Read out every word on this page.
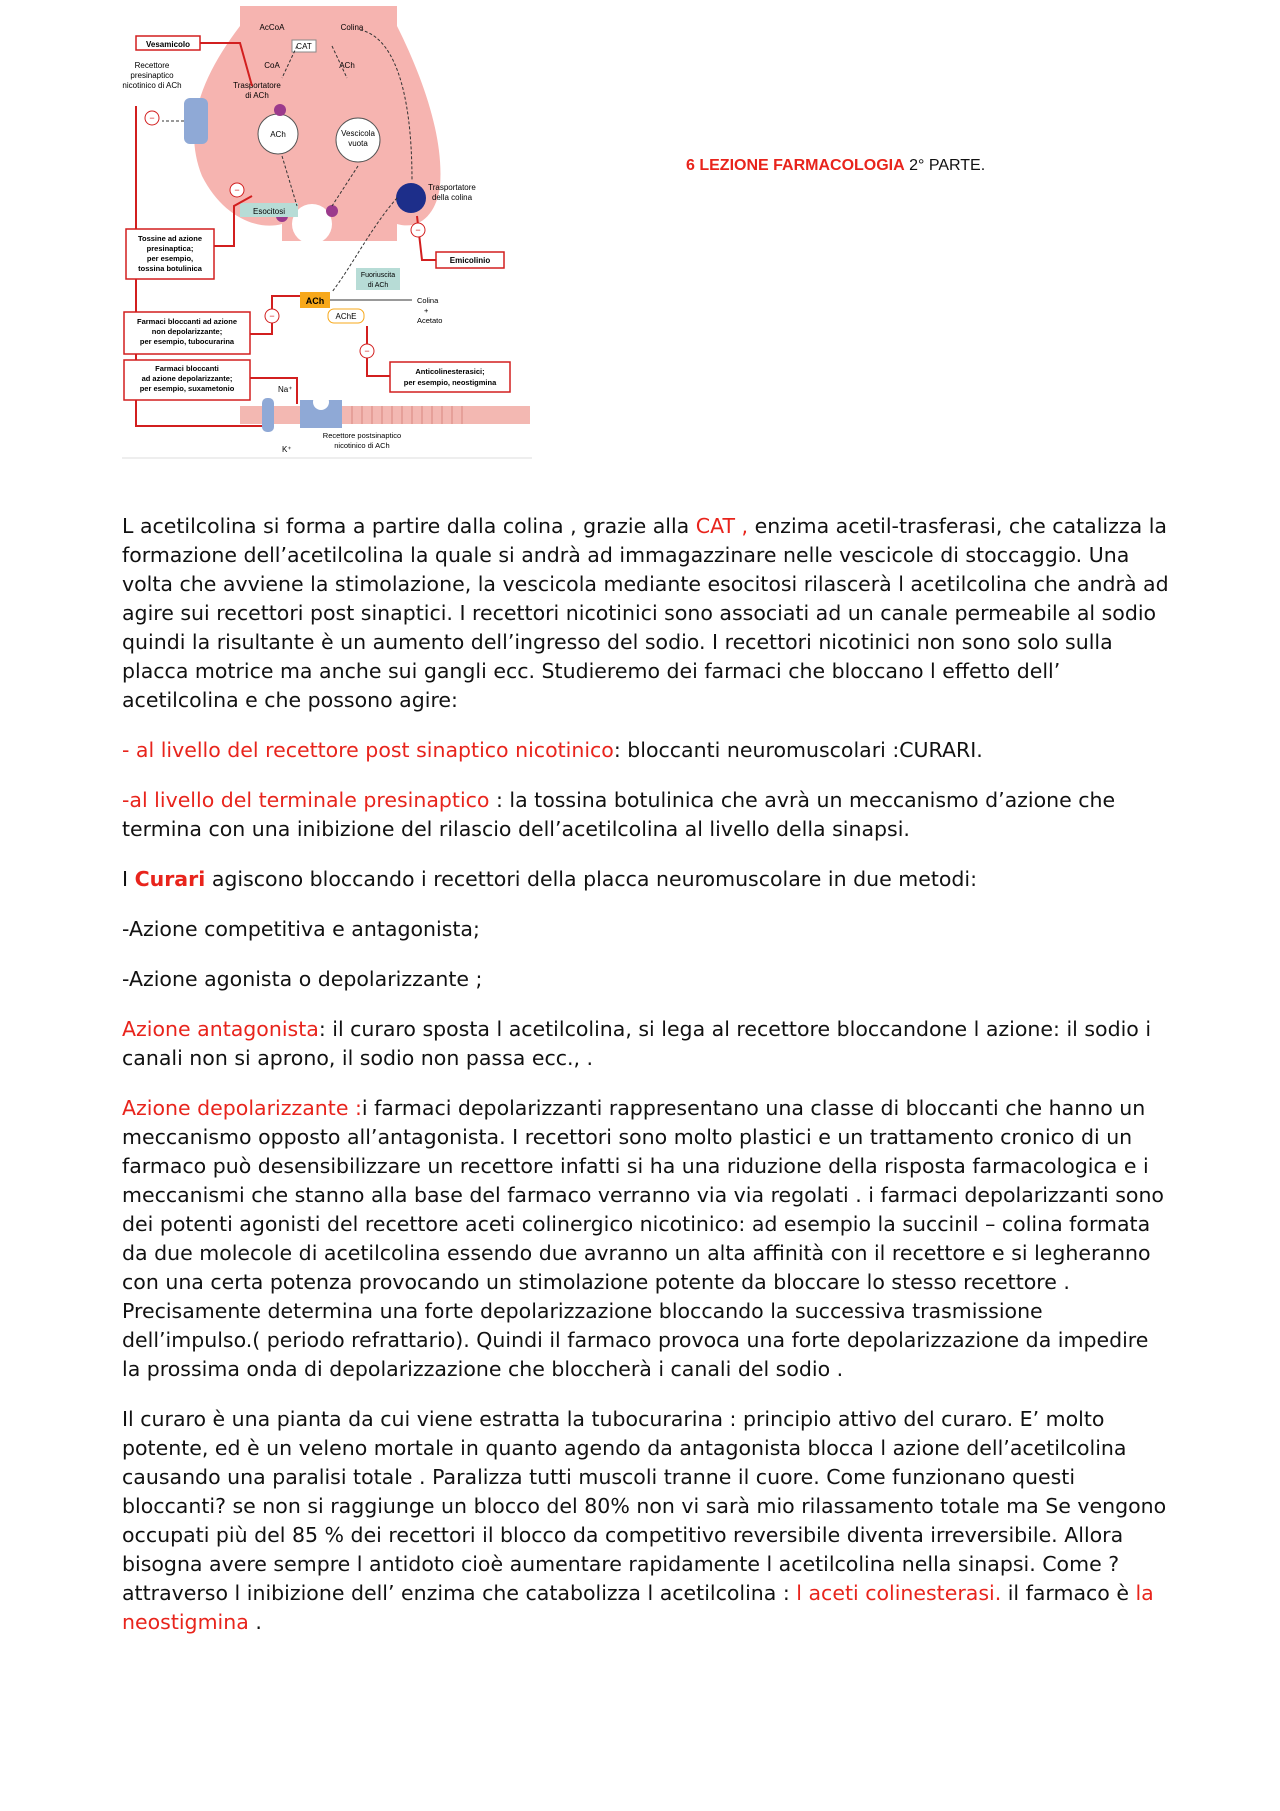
CAT
AcCoA	Colina
CoA	ACh
ACh	Vescicola
vuota
Trasportatore
di ACh
Trasportatore
della colina
Esocitosi
Recettore
presinaptico
nicotinico di ACh
Vesamicolo
−
Tossine ad azione
presinaptica;
per esempio,
tossina botulinica
−
Emicolinio
−
Fuoriuscita
di ACh
ACh
AChE
Colina
+
Acetato
Farmaci bloccanti ad azione
non depolarizzante;
per esempio, tubocurarina
−
Farmaci bloccanti
ad azione depolarizzante;
per esempio, suxametonio
Anticolinesterasici;
per esempio, neostigmina
−
Na⁺
K⁺
Recettore postsinaptico
nicotinico di ACh
6 LEZIONE FARMACOLOGIA 2° PARTE.

L acetilcolina si forma a partire dalla colina , grazie alla CAT , enzima acetil-trasferasi, che catalizza la formazione dell’acetilcolina la quale si andrà ad immagazzinare nelle vescicole di stoccaggio. Una volta che avviene la stimolazione, la vescicola mediante esocitosi rilascerà l acetilcolina che andrà ad agire sui recettori post sinaptici. I recettori nicotinici sono associati ad un canale permeabile al sodio quindi la risultante è un aumento dell’ingresso del sodio. I recettori nicotinici non sono solo sulla placca motrice ma anche sui gangli ecc. Studieremo dei farmaci che bloccano l effetto dell’ acetilcolina e che possono agire:

- al livello del recettore post sinaptico nicotinico: bloccanti neuromuscolari :CURARI.

-al livello del terminale presinaptico : la tossina botulinica che avrà un meccanismo d’azione che termina con una inibizione del rilascio dell’acetilcolina al livello della sinapsi.

I Curari agiscono bloccando i recettori della placca neuromuscolare in due metodi:

-Azione competitiva e antagonista;

-Azione agonista o depolarizzante ;

Azione antagonista: il curaro sposta l acetilcolina, si lega al recettore bloccandone l azione: il sodio i canali non si aprono, il sodio non passa ecc., .

Azione depolarizzante :i farmaci depolarizzanti rappresentano una classe di bloccanti che hanno un meccanismo opposto all’antagonista. I recettori sono molto plastici e un trattamento cronico di un farmaco può desensibilizzare un recettore infatti si ha una riduzione della risposta farmacologica e i meccanismi che stanno alla base del farmaco verranno via via regolati . i farmaci depolarizzanti sono dei potenti agonisti del recettore aceti colinergico nicotinico: ad esempio la succinil – colina formata da due molecole di acetilcolina essendo due avranno un alta affinità con il recettore e si legheranno con una certa potenza provocando un stimolazione potente da bloccare lo stesso recettore . Precisamente determina una forte depolarizzazione bloccando la successiva trasmissione dell’impulso.( periodo refrattario). Quindi il farmaco provoca una forte depolarizzazione da impedire la prossima onda di depolarizzazione che bloccherà i canali del sodio .

Il curaro è una pianta da cui viene estratta la tubocurarina : principio attivo del curaro. E’ molto potente, ed è un veleno mortale in quanto agendo da antagonista blocca l azione dell’acetilcolina causando una paralisi totale . Paralizza tutti muscoli tranne il cuore. Come funzionano questi bloccanti? se non si raggiunge un blocco del 80% non vi sarà mio rilassamento totale ma Se vengono occupati più del 85 % dei recettori il blocco da competitivo reversibile diventa irreversibile. Allora bisogna avere sempre l antidoto cioè aumentare rapidamente l acetilcolina nella sinapsi. Come ? attraverso l inibizione dell’ enzima che catabolizza l acetilcolina : l aceti colinesterasi. il farmaco è la neostigmina .
